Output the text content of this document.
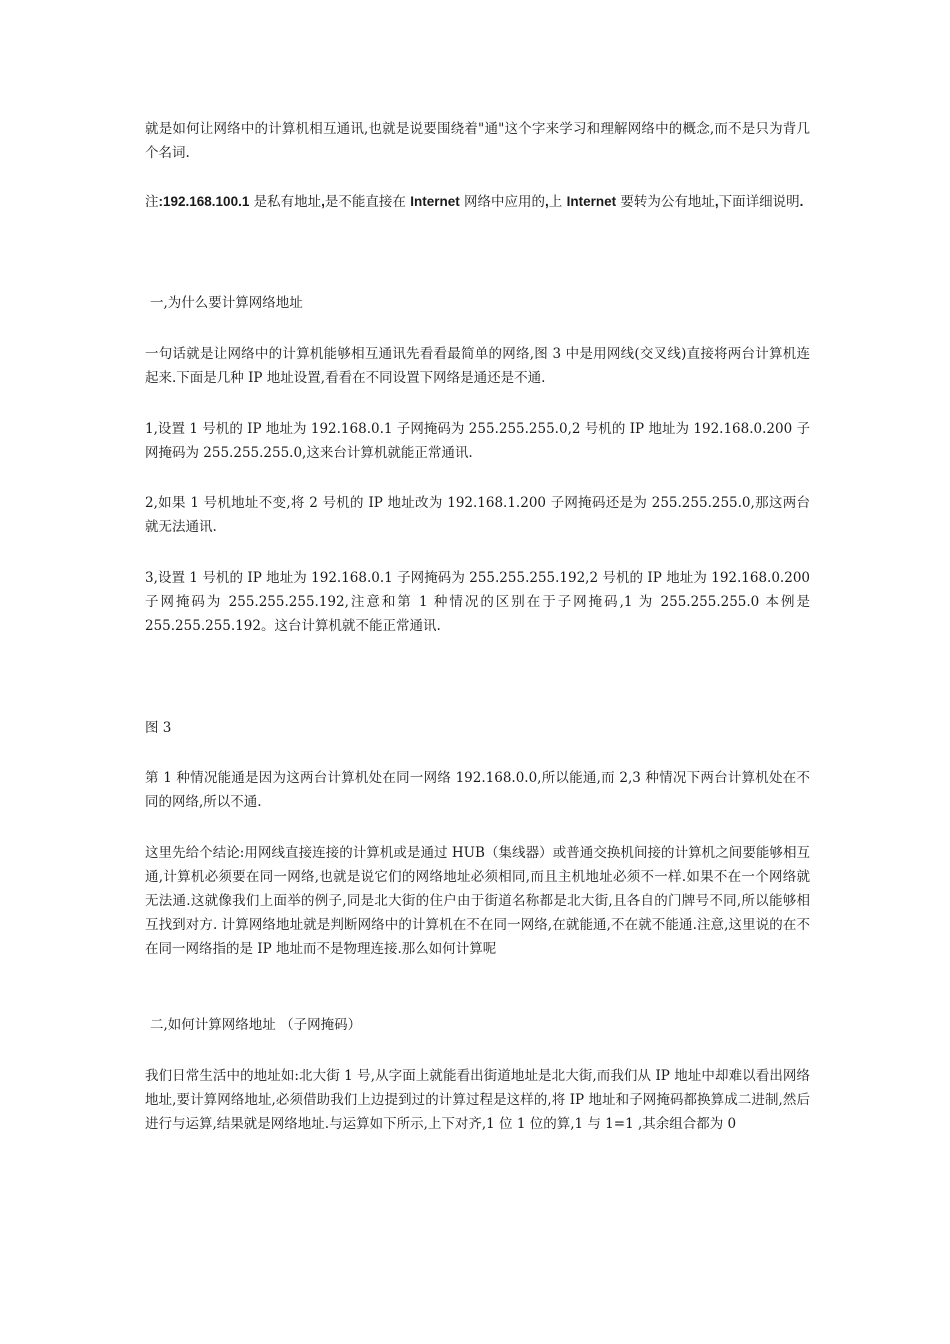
就是如何让网络中的计算机相互通讯,也就是说要围绕着"通"这个字来学习和理解网络中的概念,而不是只为背几个名词.

注:192.168.100.1 是私有地址,是不能直接在 Internet 网络中应用的,上 Internet 要转为公有地址,下面详细说明.

一,为什么要计算网络地址

一句话就是让网络中的计算机能够相互通讯先看看最简单的网络,图 3 中是用网线(交叉线)直接将两台计算机连起来.下面是几种 IP 地址设置,看看在不同设置下网络是通还是不通.

1,设置 1 号机的 IP 地址为 192.168.0.1 子网掩码为 255.255.255.0,2 号机的 IP 地址为 192.168.0.200 子网掩码为 255.255.255.0,这来台计算机就能正常通讯.

2,如果 1 号机地址不变,将 2 号机的 IP 地址改为 192.168.1.200 子网掩码还是为 255.255.255.0,那这两台就无法通讯.

3,设置 1 号机的 IP 地址为 192.168.0.1 子网掩码为 255.255.255.192,2 号机的 IP 地址为 192.168.0.200 子网掩码为 255.255.255.192,注意和第 1 种情况的区别在于子网掩码,1 为 255.255.255.0 本例是 255.255.255.192。这台计算机就不能正常通讯.

图 3

第 1 种情况能通是因为这两台计算机处在同一网络 192.168.0.0,所以能通,而 2,3 种情况下两台计算机处在不同的网络,所以不通.

这里先给个结论:用网线直接连接的计算机或是通过 HUB（集线器）或普通交换机间接的计算机之间要能够相互通,计算机必须要在同一网络,也就是说它们的网络地址必须相同,而且主机地址必须不一样.如果不在一个网络就无法通.这就像我们上面举的例子,同是北大街的住户由于街道名称都是北大街,且各自的门牌号不同,所以能够相互找到对方. 计算网络地址就是判断网络中的计算机在不在同一网络,在就能通,不在就不能通.注意,这里说的在不在同一网络指的是 IP 地址而不是物理连接.那么如何计算呢

二,如何计算网络地址 （子网掩码）

我们日常生活中的地址如:北大街 1 号,从字面上就能看出街道地址是北大街,而我们从 IP 地址中却难以看出网络地址,要计算网络地址,必须借助我们上边提到过的计算过程是这样的,将 IP 地址和子网掩码都换算成二进制,然后进行与运算,结果就是网络地址.与运算如下所示,上下对齐,1 位 1 位的算,1 与 1=1 ,其余组合都为 0
